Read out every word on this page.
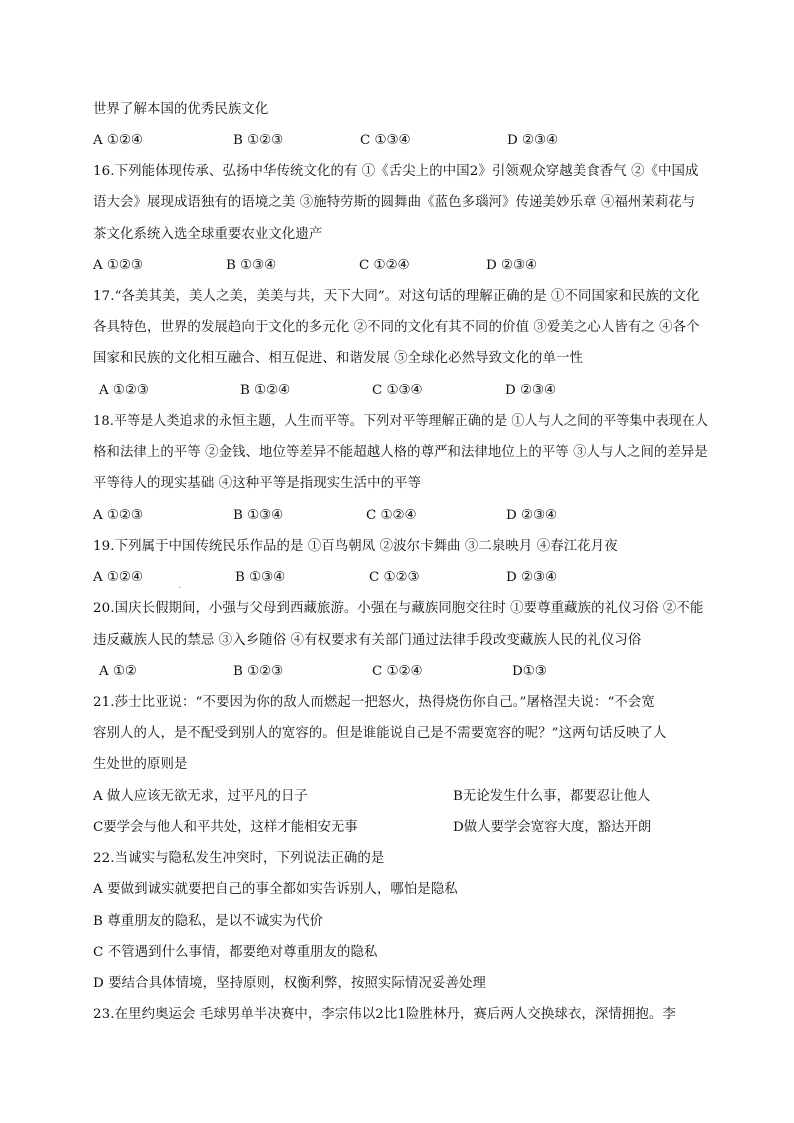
世界了解本国的优秀民族文化
A ①②④	B ①②③	C ①③④	D ②③④
16.下列能体现传承、弘扬中华传统文化的有 ①《舌尖上的中国2》引领观众穿越美食香气 ②《中国成
语大会》展现成语独有的语境之美 ③施特劳斯的圆舞曲《蓝色多瑙河》传递美妙乐章 ④福州茉莉花与
茶文化系统入选全球重要农业文化遗产
A ①②③	B ①③④	C ①②④	D ②③④
17.“各美其美，美人之美，美美与共，天下大同”。对这句话的理解正确的是 ①不同国家和民族的文化
各具特色，世界的发展趋向于文化的多元化 ②不同的文化有其不同的价值 ③爱美之心人皆有之 ④各个
国家和民族的文化相互融合、相互促进、和谐发展 ⑤全球化必然导致文化的单一性
A ①②③	B ①②④	C ①③④	D ②③④
18.平等是人类追求的永恒主题，人生而平等。下列对平等理解正确的是 ①人与人之间的平等集中表现在人
格和法律上的平等 ②金钱、地位等差异不能超越人格的尊严和法律地位上的平等 ③人与人之间的差异是
平等待人的现实基础 ④这种平等是指现实生活中的平等
A ①②③	B ①③④	C ①②④	D ②③④
19.下列属于中国传统民乐作品的是 ①百鸟朝凤 ②波尔卡舞曲 ③二泉映月 ④春江花月夜
A ①②④	B ①③④	C ①②③	D ②③④
.
20.国庆长假期间，小强与父母到西藏旅游。小强在与藏族同胞交往时 ①要尊重藏族的礼仪习俗 ②不能
违反藏族人民的禁忌 ③入乡随俗 ④有权要求有关部门通过法律手段改变藏族人民的礼仪习俗
A ①②	B ①②③	C ①②④	D①③
21.莎士比亚说：“不要因为你的敌人而燃起一把怒火，热得烧伤你自己。”屠格涅夫说：“不会宽
容别人的人，是不配受到别人的宽容的。但是谁能说自己是不需要宽容的呢？”这两句话反映了人
生处世的原则是
A 做人应该无欲无求，过平凡的日子	B无论发生什么事，都要忍让他人
C要学会与他人和平共处，这样才能相安无事	D做人要学会宽容大度，豁达开朗
22.当诚实与隐私发生冲突时，下列说法正确的是
A 要做到诚实就要把自己的事全都如实告诉别人，哪怕是隐私
B 尊重朋友的隐私，是以不诚实为代价
C 不管遇到什么事情，都要绝对尊重朋友的隐私
D 要结合具体情境，坚持原则，权衡利弊，按照实际情况妥善处理
23.在里约奥运会 毛球男单半决赛中，李宗伟以2比1险胜林丹，赛后两人交换球衣，深情拥抱。李
